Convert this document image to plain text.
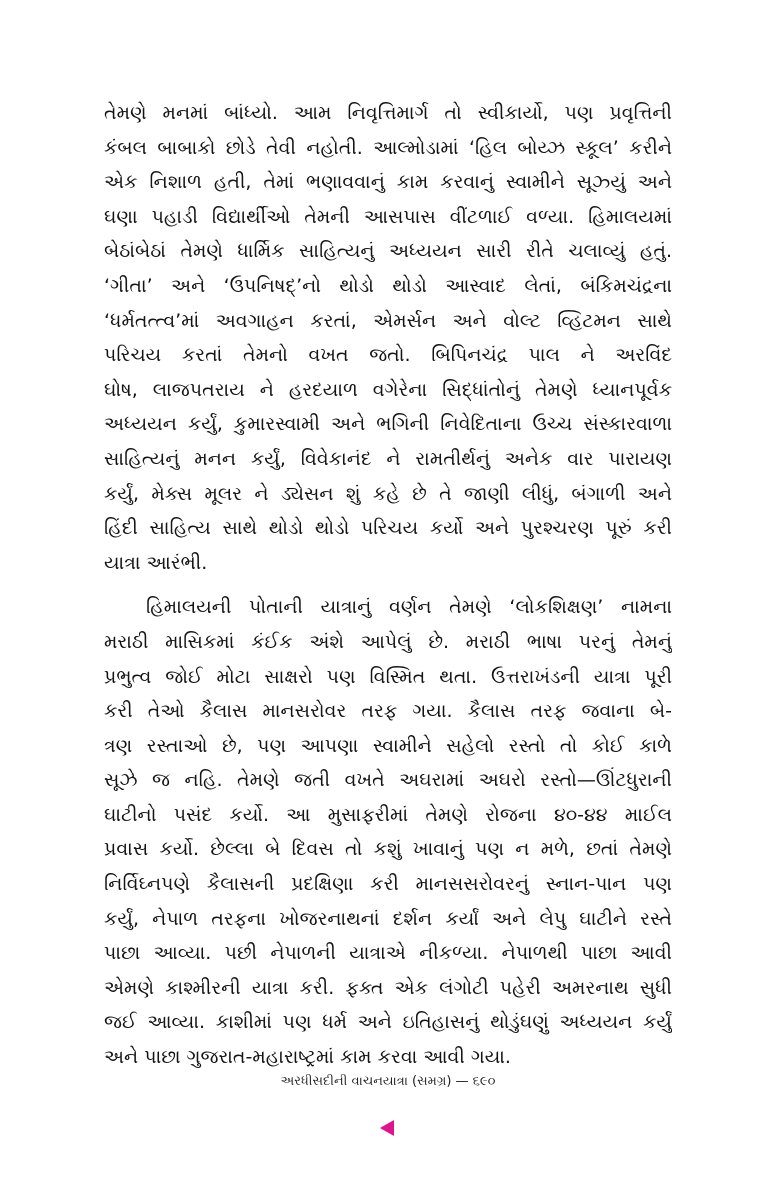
તેમણે મનમાં બાંધ્યો. આમ નિવૃત્તિમાર્ગ તો સ્વીકાર્યો, પણ પ્રવૃત્તિની
કંબલ બાબાકો છોડે તેવી નહોતી. આલ્મોડામાં ‘હિલ બોય્ઝ સ્કૂલ’ કરીને
એક નિશાળ હતી, તેમાં ભણાવવાનું કામ કરવાનું સ્વામીને સૂઝ્યું અને
ઘણા પહાડી વિદ્યાર્થીઓ તેમની આસપાસ વીંટળાઈ વળ્યા. હિમાલયમાં
બેઠાંબેઠાં તેમણે ધાર્મિક સાહિત્યનું અધ્યયન સારી રીતે ચલાવ્યું હતું.
‘ગીતા’ અને ‘ઉપનિષદ્’નો થોડો થોડો આસ્વાદ લેતાં, બંકિમચંદ્રના
‘ધર્મતત્ત્વ’માં અવગાહન કરતાં, એમર્સન અને વોલ્ટ વ્હિટમન સાથે
પરિચય કરતાં તેમનો વખત જતો. બિપિનચંદ્ર પાલ ને અરવિંદ
ઘોષ, લાજપતરાય ને હરદયાળ વગેરેના સિદ્ધાંતોનું તેમણે ધ્યાનપૂર્વક
અધ્યયન કર્યું, કુમારસ્વામી અને ભગિની નિવેદિતાના ઉચ્ચ સંસ્કારવાળા
સાહિત્યનું મનન કર્યું, વિવેકાનંદ ને રામતીર્થનું અનેક વાર પારાયણ
કર્યું, મેક્સ મૂલર ને ડ્યેસન શું કહે છે તે જાણી લીધું, બંગાળી અને
હિંદી સાહિત્ય સાથે થોડો થોડો પરિચય કર્યો અને પુરશ્ચરણ પૂરું કરી
યાત્રા આરંભી.
હિમાલયની પોતાની યાત્રાનું વર્ણન તેમણે ‘લોકશિક્ષણ’ નામના
મરાઠી માસિકમાં કંઈક અંશે આપેલું છે. મરાઠી ભાષા પરનું તેમનું
પ્રભુત્વ જોઈ મોટા સાક્ષરો પણ વિસ્મિત થતા. ઉત્તરાખંડની યાત્રા પૂરી
કરી તેઓ કૈલાસ માનસરોવર તરફ ગયા. કૈલાસ તરફ જવાના બે-
ત્રણ રસ્તાઓ છે, પણ આપણા સ્વામીને સહેલો રસ્તો તો કોઈ કાળે
સૂઝે જ નહિ. તેમણે જતી વખતે અઘરામાં અઘરો રસ્તો—ઊંટધુરાની
ઘાટીનો પસંદ કર્યો. આ મુસાફરીમાં તેમણે રોજના ૪૦-૪૪ માઈલ
પ્રવાસ કર્યો. છેલ્લા બે દિવસ તો કશું ખાવાનું પણ ન મળે, છતાં તેમણે
નિર્વિઘ્નપણે કૈલાસની પ્રદક્ષિણા કરી માનસસરોવરનું સ્નાન-પાન પણ
કર્યું, નેપાળ તરફના ખોજરનાથનાં દર્શન કર્યાં અને લેપુ ઘાટીને રસ્તે
પાછા આવ્યા. પછી નેપાળની યાત્રાએ નીકળ્યા. નેપાળથી પાછા આવી
એમણે કાશ્મીરની યાત્રા કરી. ફક્ત એક લંગોટી પહેરી અમરનાથ સુધી
જઈ આવ્યા. કાશીમાં પણ ધર્મ અને ઇતિહાસનું થોડુંઘણું અધ્યયન કર્યું
અને પાછા ગુજરાત-મહારાષ્ટ્રમાં કામ કરવા આવી ગયા.
અરધીસદીની વાચનયાત્રા (સમગ્ર) — ૬૯૦
